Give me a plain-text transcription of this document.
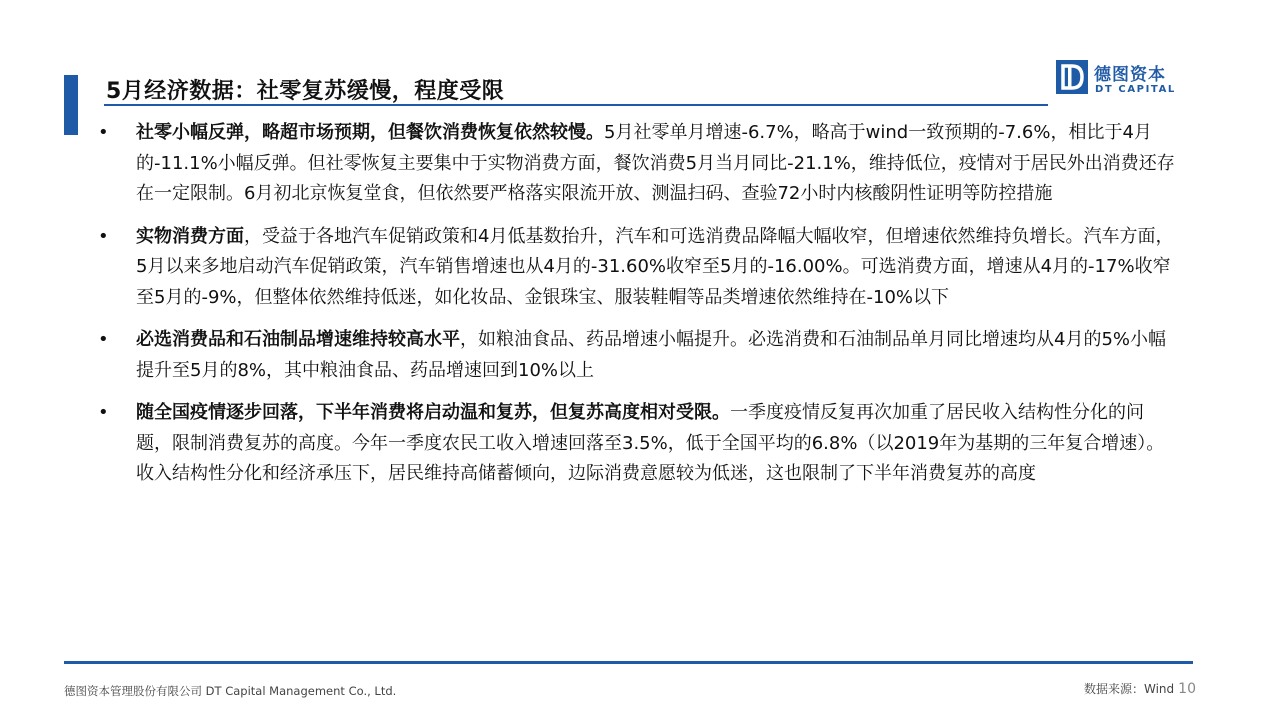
5月经济数据：社零复苏缓慢，程度受限
德图资本
DT CAPITAL
• 社零小幅反弹，略超市场预期，但餐饮消费恢复依然较慢。5月社零单月增速-6.7%，略高于wind一致预期的-7.6%，相比于4月的-11.1%小幅反弹。但社零恢复主要集中于实物消费方面，餐饮消费5月当月同比-21.1%，维持低位，疫情对于居民外出消费还存在一定限制。6月初北京恢复堂食，但依然要严格落实限流开放、测温扫码、查验72小时内核酸阴性证明等防控措施
• 实物消费方面，受益于各地汽车促销政策和4月低基数抬升，汽车和可选消费品降幅大幅收窄，但增速依然维持负增长。汽车方面，5月以来多地启动汽车促销政策，汽车销售增速也从4月的-31.60%收窄至5月的-16.00%。可选消费方面，增速从4月的-17%收窄至5月的-9%，但整体依然维持低迷，如化妆品、金银珠宝、服装鞋帽等品类增速依然维持在-10%以下
• 必选消费品和石油制品增速维持较高水平，如粮油食品、药品增速小幅提升。必选消费和石油制品单月同比增速均从4月的5%小幅提升至5月的8%，其中粮油食品、药品增速回到10%以上
• 随全国疫情逐步回落，下半年消费将启动温和复苏，但复苏高度相对受限。一季度疫情反复再次加重了居民收入结构性分化的问题，限制消费复苏的高度。今年一季度农民工收入增速回落至3.5%，低于全国平均的6.8%（以2019年为基期的三年复合增速）。收入结构性分化和经济承压下，居民维持高储蓄倾向，边际消费意愿较为低迷，这也限制了下半年消费复苏的高度
德图资本管理股份有限公司 DT Capital Management Co., Ltd.	数据来源：Wind 10
